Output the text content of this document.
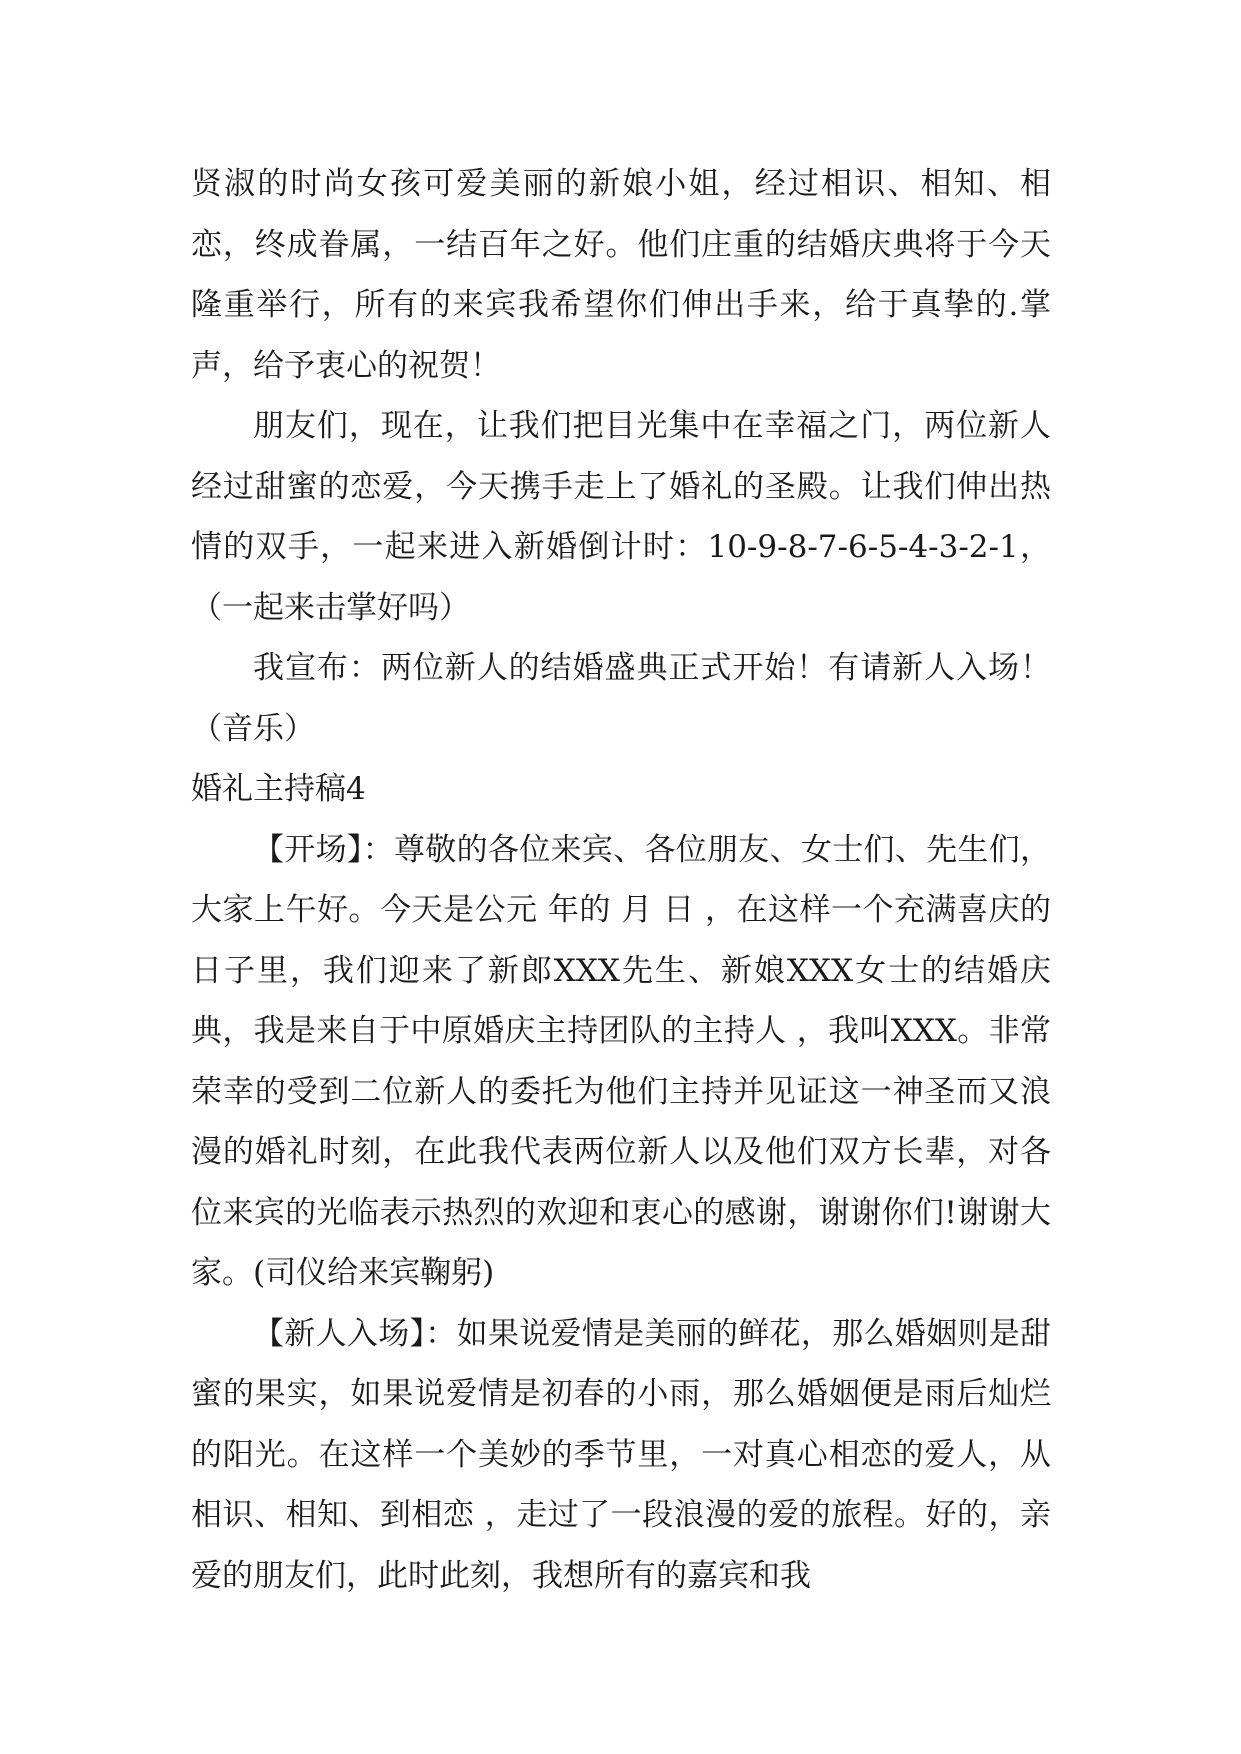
贤淑的时尚女孩可爱美丽的新娘小姐，经过相识、相知、相恋，终成眷属，一结百年之好。他们庄重的结婚庆典将于今天隆重举行，所有的来宾我希望你们伸出手来，给于真挚的.掌声，给予衷心的祝贺！

朋友们，现在，让我们把目光集中在幸福之门，两位新人经过甜蜜的恋爱，今天携手走上了婚礼的圣殿。让我们伸出热情的双手，一起来进入新婚倒计时：10-9-8-7-6-5-4-3-2-1，（一起来击掌好吗）

我宣布：两位新人的结婚盛典正式开始！有请新人入场！（音乐）

婚礼主持稿4

【开场】：尊敬的各位来宾、各位朋友、女士们、先生们，大家上午好。今天是公元 年的 月 日 ，在这样一个充满喜庆的日子里，我们迎来了新郎XXX先生、新娘XXX女士的结婚庆典，我是来自于中原婚庆主持团队的主持人 ，我叫XXX。非常荣幸的受到二位新人的委托为他们主持并见证这一神圣而又浪漫的婚礼时刻，在此我代表两位新人以及他们双方长辈，对各位来宾的光临表示热烈的欢迎和衷心的感谢，谢谢你们!谢谢大家。(司仪给来宾鞠躬)

【新人入场】：如果说爱情是美丽的鲜花，那么婚姻则是甜蜜的果实，如果说爱情是初春的小雨，那么婚姻便是雨后灿烂的阳光。在这样一个美妙的季节里，一对真心相恋的爱人，从相识、相知、到相恋 ，走过了一段浪漫的爱的旅程。好的，亲爱的朋友们，此时此刻，我想所有的嘉宾和我
